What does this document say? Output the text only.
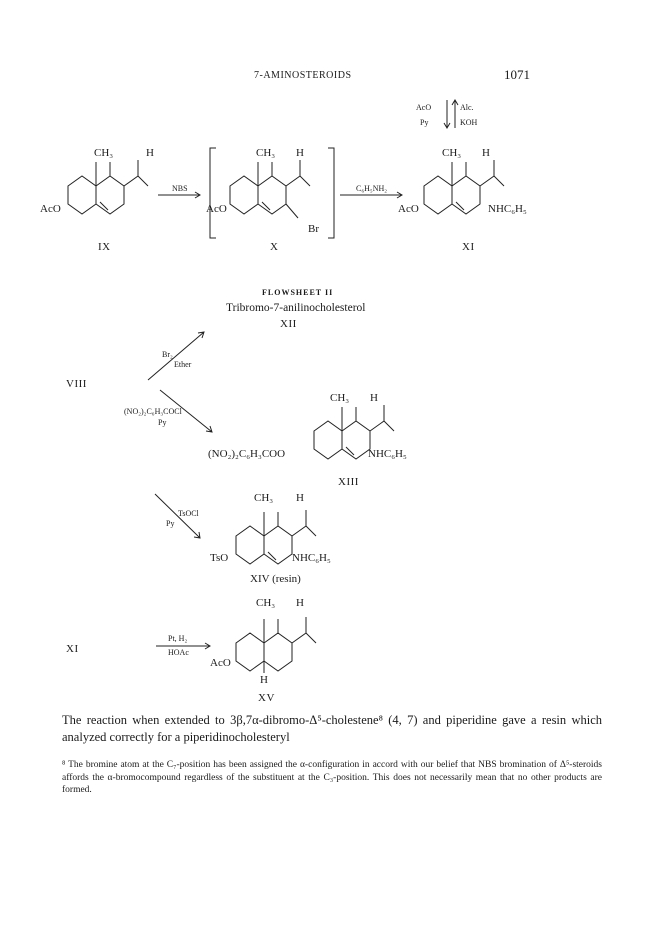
7-AMINOSTEROIDS	1071
CH₃	H
AcO
IX
NBS
CH₃ H
AcO
Br
X
C₆H₅NH₂
AcO
Py
Alc.
KOH
CH₃ H
AcO	NHC₆H₅
XI
FLOWSHEET II
Tribromo-7-anilinocholesterol
XII
VIII
Br₂
Ether
(NO₂)₂C₆H₃COCl
Py
CH₃ H
(NO₂)₂C₆H₃COO	NHC₆H₅
XIII
TsOCl
Py
CH₃ H
TsO	NHC₆H₅
XIV (resin)
XI
Pt, H₂
HOAc
CH₃ H
AcO
H
XV
The reaction when extended to 3β,7α-dibromo-Δ⁵-cholestene⁸ (4, 7) and piperidine gave a resin which analyzed correctly for a piperidinocholesteryl
⁸ The bromine atom at the C₇-position has been assigned the α-configuration in accord with our belief that NBS bromination of Δ⁵-steroids affords the α-bromocompound regardless of the substituent at the C₃-position. This does not necessarily mean that no other products are formed.
